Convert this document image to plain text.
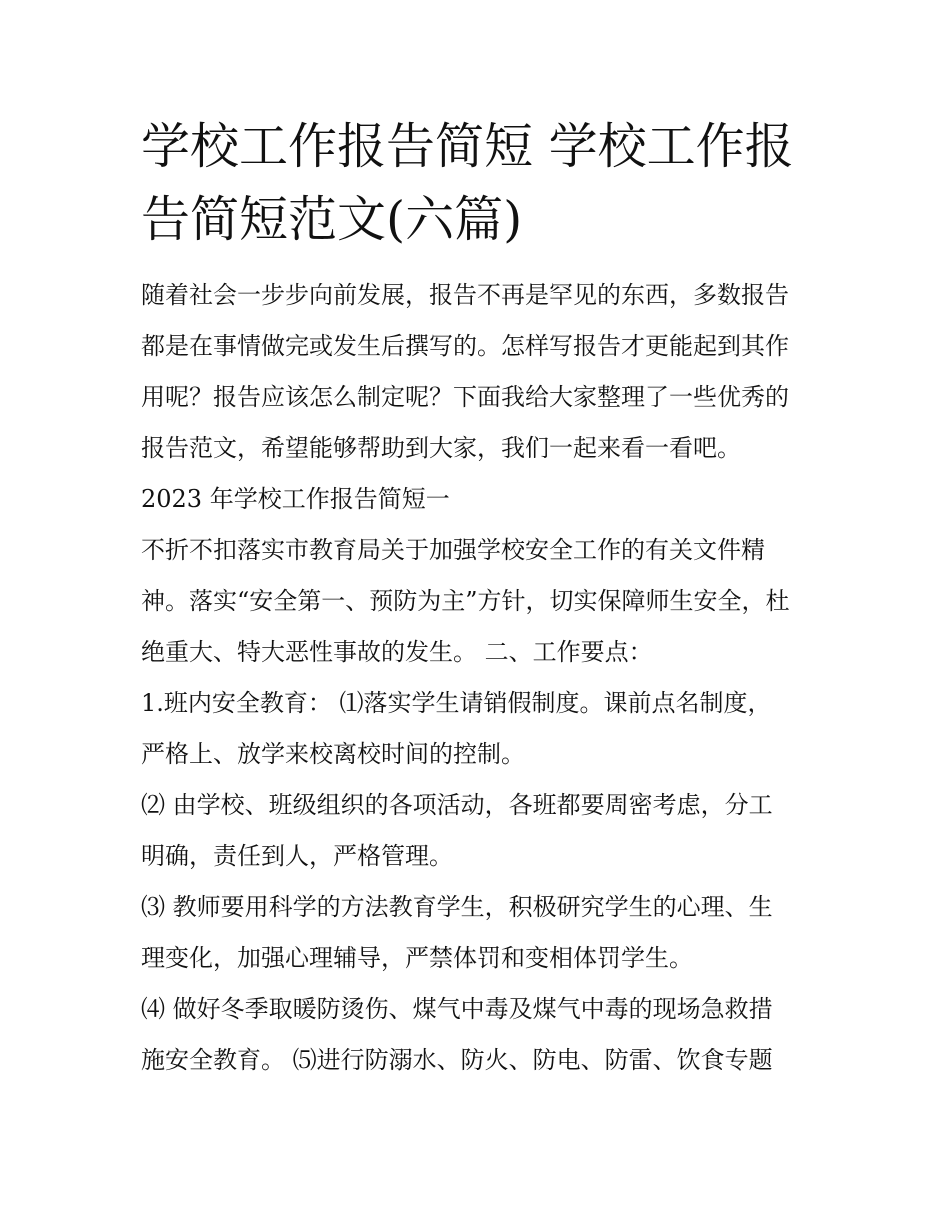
学校工作报告简短 学校工作报
告简短范文(六篇)

随着社会一步步向前发展，报告不再是罕见的东西，多数报告

都是在事情做完或发生后撰写的。怎样写报告才更能起到其作

用呢？报告应该怎么制定呢？下面我给大家整理了一些优秀的

报告范文，希望能够帮助到大家，我们一起来看一看吧。

2023 年学校工作报告简短一

不折不扣落实市教育局关于加强学校安全工作的有关文件精

神。落实“安全第一、预防为主”方针，切实保障师生安全，杜

绝重大、特大恶性事故的发生。 二、工作要点：

1.班内安全教育： ⑴落实学生请销假制度。课前点名制度，

严格上、放学来校离校时间的控制。

⑵ 由学校、班级组织的各项活动，各班都要周密考虑，分工

明确，责任到人，严格管理。

⑶ 教师要用科学的方法教育学生，积极研究学生的心理、生

理变化，加强心理辅导，严禁体罚和变相体罚学生。

⑷ 做好冬季取暖防烫伤、煤气中毒及煤气中毒的现场急救措

施安全教育。 ⑸进行防溺水、防火、防电、防雷、饮食专题
